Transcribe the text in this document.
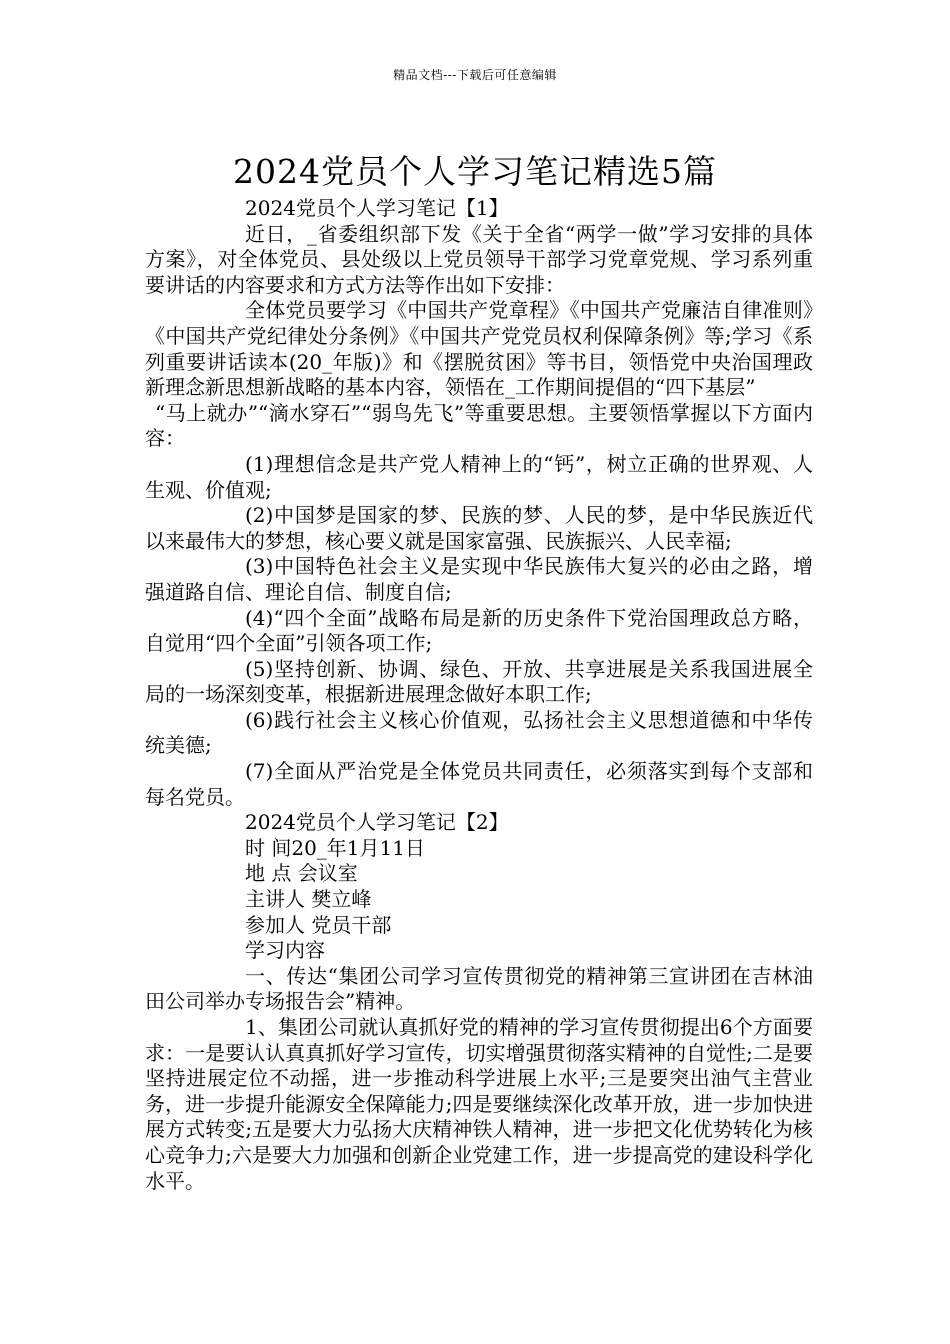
精品文档---下载后可任意编辑
2024党员个人学习笔记精选5篇

2024党员个人学习笔记【1】

近日，_省委组织部下发《关于全省“两学一做”学习安排的具体方案》，对全体党员、县处级以上党员领导干部学习党章党规、学习系列重要讲话的内容要求和方式方法等作出如下安排：

全体党员要学习《中国共产党章程》《中国共产党廉洁自律准则》《中国共产党纪律处分条例》《中国共产党党员权利保障条例》等;学习《系列重要讲话读本(20_年版)》和《摆脱贫困》等书目，领悟党中央治国理政新理念新思想新战略的基本内容，领悟在_工作期间提倡的“四下基层”

“马上就办”“滴水穿石”“弱鸟先飞”等重要思想。主要领悟掌握以下方面内容：

(1)理想信念是共产党人精神上的“钙”，树立正确的世界观、人生观、价值观;

(2)中国梦是国家的梦、民族的梦、人民的梦，是中华民族近代以来最伟大的梦想，核心要义就是国家富强、民族振兴、人民幸福;

(3)中国特色社会主义是实现中华民族伟大复兴的必由之路，增强道路自信、理论自信、制度自信;

(4)“四个全面”战略布局是新的历史条件下党治国理政总方略，自觉用“四个全面”引领各项工作;

(5)坚持创新、协调、绿色、开放、共享进展是关系我国进展全局的一场深刻变革，根据新进展理念做好本职工作;

(6)践行社会主义核心价值观，弘扬社会主义思想道德和中华传统美德;

(7)全面从严治党是全体党员共同责任，必须落实到每个支部和每名党员。

2024党员个人学习笔记【2】

时 间20_年1月11日

地 点 会议室

主讲人 樊立峰

参加人 党员干部

学习内容

一、传达“集团公司学习宣传贯彻党的精神第三宣讲团在吉林油田公司举办专场报告会”精神。

1、集团公司就认真抓好党的精神的学习宣传贯彻提出6个方面要求：一是要认认真真抓好学习宣传，切实增强贯彻落实精神的自觉性;二是要坚持进展定位不动摇，进一步推动科学进展上水平;三是要突出油气主营业务，进一步提升能源安全保障能力;四是要继续深化改革开放，进一步加快进展方式转变;五是要大力弘扬大庆精神铁人精神，进一步把文化优势转化为核心竞争力;六是要大力加强和创新企业党建工作，进一步提高党的建设科学化水平。
